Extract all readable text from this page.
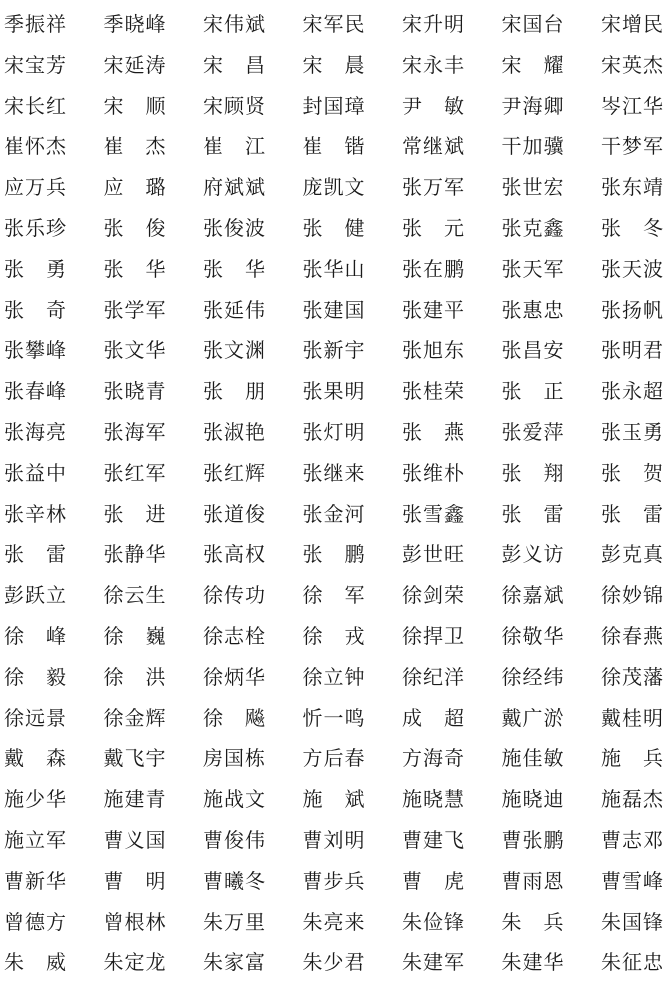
季振祥	季晓峰	宋伟斌	宋军民	宋升明	宋国台	宋增民
宋宝芳	宋延涛	宋　昌	宋　晨	宋永丰	宋　耀	宋英杰
宋长红	宋　顺	宋顾贤	封国璋	尹　敏	尹海卿	岑江华
崔怀杰	崔　杰	崔　江	崔　锴	常继斌	干加骥	干梦军
应万兵	应　璐	府斌斌	庞凯文	张万军	张世宏	张东靖
张乐珍	张　俊	张俊波	张　健	张　元	张克鑫	张　冬
张　勇	张　华	张　华	张华山	张在鹏	张天军	张天波
张　奇	张学军	张延伟	张建国	张建平	张惠忠	张扬帆
张攀峰	张文华	张文渊	张新宇	张旭东	张昌安	张明君
张春峰	张晓青	张　朋	张果明	张桂荣	张　正	张永超
张海亮	张海军	张淑艳	张灯明	张　燕	张爱萍	张玉勇
张益中	张红军	张红辉	张继来	张维朴	张　翔	张　贺
张辛林	张　进	张道俊	张金河	张雪鑫	张　雷	张　雷
张　雷	张静华	张高权	张　鹏	彭世旺	彭义访	彭克真
彭跃立	徐云生	徐传功	徐　军	徐剑荣	徐嘉斌	徐妙锦
徐　峰	徐　巍	徐志栓	徐　戎	徐捍卫	徐敬华	徐春燕
徐　毅	徐　洪	徐炳华	徐立钟	徐纪洋	徐经纬	徐茂藩
徐远景	徐金辉	徐　飚	忻一鸣	成　超	戴广淤	戴桂明
戴　森	戴飞宇	房国栋	方后春	方海奇	施佳敏	施　兵
施少华	施建青	施战文	施　斌	施晓慧	施晓迪	施磊杰
施立军	曹义国	曹俊伟	曹刘明	曹建飞	曹张鹏	曹志邓
曹新华	曹　明	曹曦冬	曹步兵	曹　虎	曹雨恩	曹雪峰
曾德方	曾根林	朱万里	朱亮来	朱俭锋	朱　兵	朱国锋
朱　威	朱定龙	朱家富	朱少君	朱建军	朱建华	朱征忠
